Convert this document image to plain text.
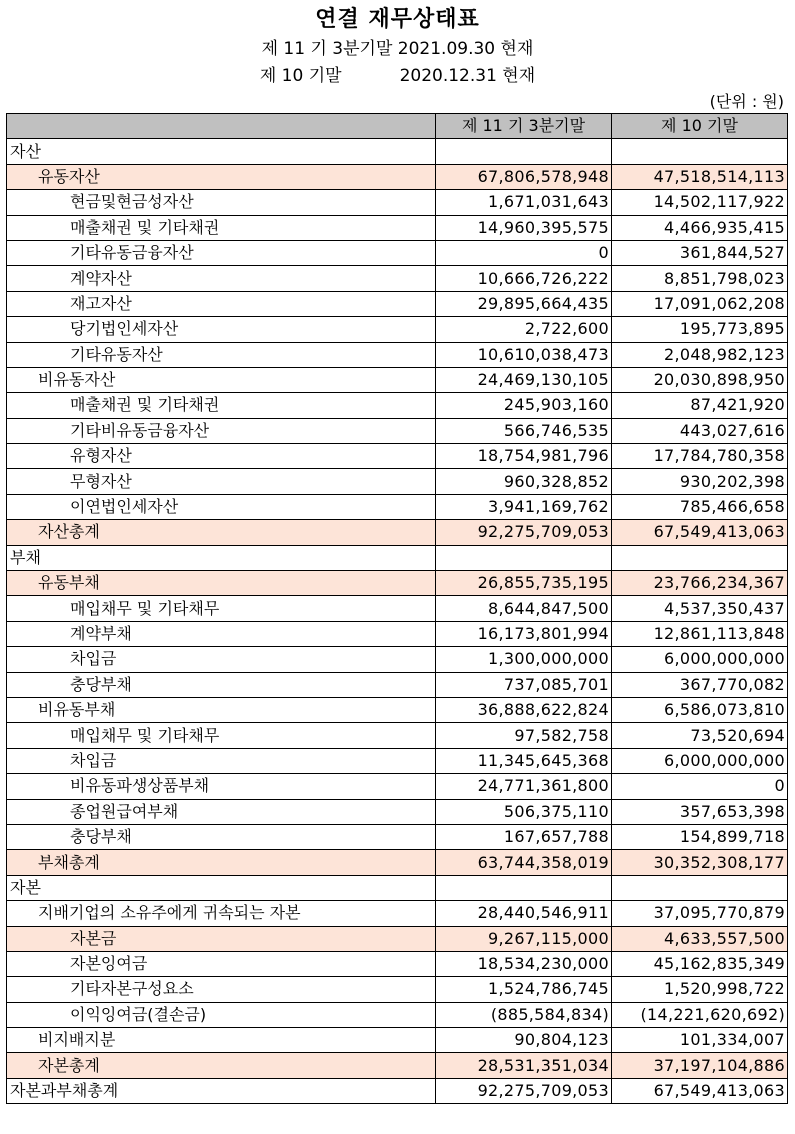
연결 재무상태표
제 11 기 3분기말 2021.09.30 현재
제 10 기말	2020.12.31 현재
(단위 : 원)
	제 11 기 3분기말	제 10 기말
자산		
유동자산	67,806,578,948	47,518,514,113
현금및현금성자산	1,671,031,643	14,502,117,922
매출채권 및 기타채권	14,960,395,575	4,466,935,415
기타유동금융자산	0	361,844,527
계약자산	10,666,726,222	8,851,798,023
재고자산	29,895,664,435	17,091,062,208
당기법인세자산	2,722,600	195,773,895
기타유동자산	10,610,038,473	2,048,982,123
비유동자산	24,469,130,105	20,030,898,950
매출채권 및 기타채권	245,903,160	87,421,920
기타비유동금융자산	566,746,535	443,027,616
유형자산	18,754,981,796	17,784,780,358
무형자산	960,328,852	930,202,398
이연법인세자산	3,941,169,762	785,466,658
자산총계	92,275,709,053	67,549,413,063
부채		
유동부채	26,855,735,195	23,766,234,367
매입채무 및 기타채무	8,644,847,500	4,537,350,437
계약부채	16,173,801,994	12,861,113,848
차입금	1,300,000,000	6,000,000,000
충당부채	737,085,701	367,770,082
비유동부채	36,888,622,824	6,586,073,810
매입채무 및 기타채무	97,582,758	73,520,694
차입금	11,345,645,368	6,000,000,000
비유동파생상품부채	24,771,361,800	0
종업원급여부채	506,375,110	357,653,398
충당부채	167,657,788	154,899,718
부채총계	63,744,358,019	30,352,308,177
자본		
지배기업의 소유주에게 귀속되는 자본	28,440,546,911	37,095,770,879
자본금	9,267,115,000	4,633,557,500
자본잉여금	18,534,230,000	45,162,835,349
기타자본구성요소	1,524,786,745	1,520,998,722
이익잉여금(결손금)	(885,584,834)	(14,221,620,692)
비지배지분	90,804,123	101,334,007
자본총계	28,531,351,034	37,197,104,886
자본과부채총계	92,275,709,053	67,549,413,063
